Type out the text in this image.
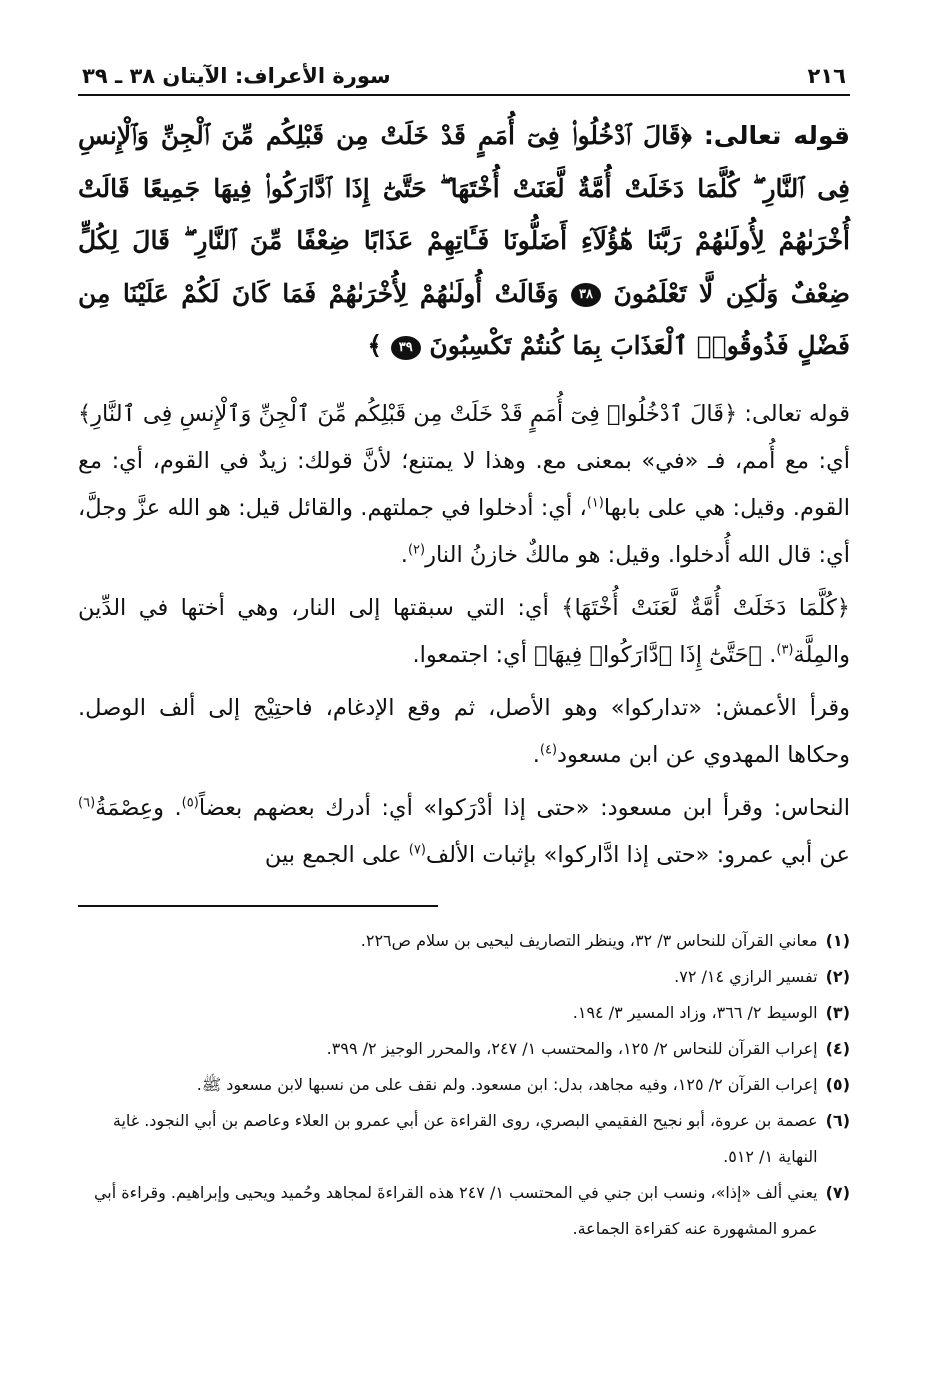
٢١٦
سورة الأعراف: الآيتان ٣٨ ـ ٣٩
قوله تعالى: ﴿قَالَ ٱدْخُلُوا۟ فِىٓ أُمَمٍ قَدْ خَلَتْ مِن قَبْلِكُم مِّنَ ٱلْجِنِّ وَٱلْإِنسِ فِى ٱلنَّارِ ۖ كُلَّمَا دَخَلَتْ أُمَّةٌ لَّعَنَتْ أُخْتَهَا ۖ حَتَّىٰٓ إِذَا ٱدَّارَكُوا۟ فِيهَا جَمِيعًا قَالَتْ أُخْرَىٰهُمْ لِأُولَىٰهُمْ رَبَّنَا هَٰٓؤُلَآءِ أَضَلُّونَا فَـَٔاتِهِمْ عَذَابًا ضِعْفًا مِّنَ ٱلنَّارِ ۖ قَالَ لِكُلٍّ ضِعْفٌ وَلَٰكِن لَّا تَعْلَمُونَ ٣٨ وَقَالَتْ أُولَىٰهُمْ لِأُخْرَىٰهُمْ فَمَا كَانَ لَكُمْ عَلَيْنَا مِن فَضْلٍ فَذُوقُوا۟ ٱلْعَذَابَ بِمَا كُنتُمْ تَكْسِبُونَ ٣٩ ﴾

قوله تعالى: ﴿قَالَ ٱدْخُلُوا۟ فِىٓ أُمَمٍ قَدْ خَلَتْ مِن قَبْلِكُم مِّنَ ٱلْجِنِّ وَٱلْإِنسِ فِى ٱلنَّارِ﴾ أي: مع أُمم، فـ «في» بمعنى مع. وهذا لا يمتنع؛ لأنَّ قولك: زيدٌ في القوم، أي: مع القوم. وقيل: هي على بابها$^{(١)}$، أي: أدخلوا في جملتهم. والقائل قيل: هو الله عزَّ وجلَّ، أي: قال الله أُدخلوا. وقيل: هو مالكٌ خازنُ النار$^{(٢)}$.

﴿كُلَّمَا دَخَلَتْ أُمَّةٌ لَّعَنَتْ أُخْتَهَا﴾ أي: التي سبقتها إلى النار، وهي أختها في الدِّين والمِلَّة$^{(٣)}$. ﴿حَتَّىٰٓ إِذَا ٱدَّارَكُوا۟ فِيهَا﴾ أي: اجتمعوا.

وقرأ الأعمش: «تداركوا» وهو الأصل، ثم وقع الإدغام، فاحتِيْج إلى ألف الوصل. وحكاها المهدوي عن ابن مسعود$^{(٤)}$.

النحاس: وقرأ ابن مسعود: «حتى إذا أدْرَكوا» أي: أدرك بعضهم بعضاً$^{(٥)}$. وعِصْمَةُ$^{(٦)}$ عن أبي عمرو: «حتى إذا ادَّاركوا» بإثبات الألف$^{(٧)}$ على الجمع بين

(١)
معاني القرآن للنحاس ٣/ ٣٢، وينظر التصاريف ليحيى بن سلام ص٢٢٦.
(٢)
تفسير الرازي ١٤/ ٧٢.
(٣)
الوسيط ٢/ ٣٦٦، وزاد المسير ٣/ ١٩٤.
(٤)
إعراب القرآن للنحاس ٢/ ١٢٥، والمحتسب ١/ ٢٤٧، والمحرر الوجيز ٢/ ٣٩٩.
(٥)
إعراب القرآن ٢/ ١٢٥، وفيه مجاهد، بدل: ابن مسعود. ولم نقف على من نسبها لابن مسعود ﷺ.
(٦)
عصمة بن عروة، أبو نجيح الفقيمي البصري، روى القراءة عن أبي عمرو بن العلاء وعاصم بن أبي النجود. غاية النهاية ١/ ٥١٢.
(٧)
يعني ألف «إذا»، ونسب ابن جني في المحتسب ١/ ٢٤٧ هذه القراءةَ لمجاهد وحُميد ويحيى وإبراهيم. وقراءة أبي عمرو المشهورة عنه كقراءة الجماعة.
